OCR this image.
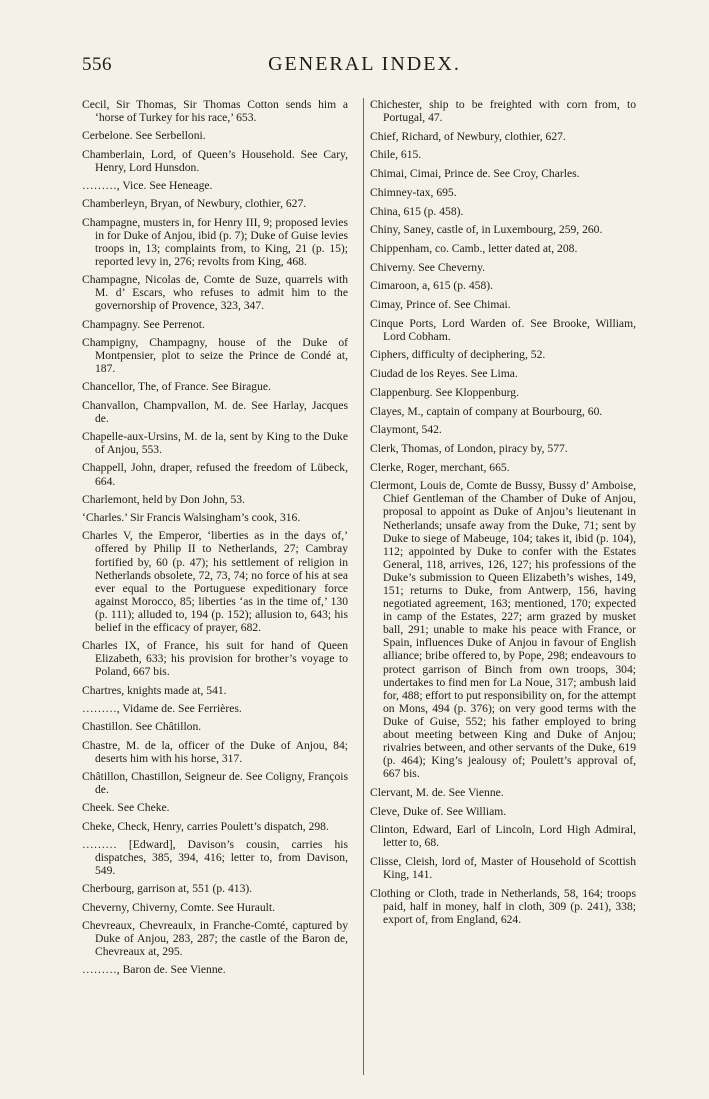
556	GENERAL INDEX.

Cecil, Sir Thomas, Sir Thomas Cotton sends him a ‘horse of Turkey for his race,’ 653.

Cerbelone. See Serbelloni.

Chamberlain, Lord, of Queen’s Household. See Cary, Henry, Lord Hunsdon.

………, Vice. See Heneage.

Chamberleyn, Bryan, of Newbury, clothier, 627.

Champagne, musters in, for Henry III, 9; proposed levies in for Duke of Anjou, ibid (p. 7); Duke of Guise levies troops in, 13; complaints from, to King, 21 (p. 15); reported levy in, 276; revolts from King, 468.

Champagne, Nicolas de, Comte de Suze, quarrels with M. d’ Escars, who refuses to admit him to the governorship of Provence, 323, 347.

Champagny. See Perrenot.

Champigny, Champagny, house of the Duke of Montpensier, plot to seize the Prince de Condé at, 187.

Chancellor, The, of France. See Birague.

Chanvallon, Champvallon, M. de. See Harlay, Jacques de.

Chapelle-aux-Ursins, M. de la, sent by King to the Duke of Anjou, 553.

Chappell, John, draper, refused the freedom of Lübeck, 664.

Charlemont, held by Don John, 53.

‘Charles.’ Sir Francis Walsingham’s cook, 316.

Charles V, the Emperor, ‘liberties as in the days of,’ offered by Philip II to Netherlands, 27; Cambray fortified by, 60 (p. 47); his settlement of religion in Netherlands obsolete, 72, 73, 74; no force of his at sea ever equal to the Portuguese expeditionary force against Morocco, 85; liberties ‘as in the time of,’ 130 (p. 111); alluded to, 194 (p. 152); allusion to, 643; his belief in the efficacy of prayer, 682.

Charles IX, of France, his suit for hand of Queen Elizabeth, 633; his provision for brother’s voyage to Poland, 667 bis.

Chartres, knights made at, 541.

………, Vidame de. See Ferrières.

Chastillon. See Châtillon.

Chastre, M. de la, officer of the Duke of Anjou, 84; deserts him with his horse, 317.

Châtillon, Chastillon, Seigneur de. See Coligny, François de.

Cheek. See Cheke.

Cheke, Check, Henry, carries Poulett’s dispatch, 298.

……… [Edward], Davison’s cousin, carries his dispatches, 385, 394, 416; letter to, from Davison, 549.

Cherbourg, garrison at, 551 (p. 413).

Cheverny, Chiverny, Comte. See Hurault.

Chevreaux, Chevreaulx, in Franche-Comté, captured by Duke of Anjou, 283, 287; the castle of the Baron de, Chevreaux at, 295.

………, Baron de. See Vienne.

Chichester, ship to be freighted with corn from, to Portugal, 47.

Chief, Richard, of Newbury, clothier, 627.

Chile, 615.

Chimai, Cimai, Prince de. See Croy, Charles.

Chimney-tax, 695.

China, 615 (p. 458).

Chiny, Saney, castle of, in Luxembourg, 259, 260.

Chippenham, co. Camb., letter dated at, 208.

Chiverny. See Cheverny.

Cimaroon, a, 615 (p. 458).

Cimay, Prince of. See Chimai.

Cinque Ports, Lord Warden of. See Brooke, William, Lord Cobham.

Ciphers, difficulty of deciphering, 52.

Ciudad de los Reyes. See Lima.

Clappenburg. See Kloppenburg.

Clayes, M., captain of company at Bourbourg, 60.

Claymont, 542.

Clerk, Thomas, of London, piracy by, 577.

Clerke, Roger, merchant, 665.

Clermont, Louis de, Comte de Bussy, Bussy d’ Amboise, Chief Gentleman of the Chamber of Duke of Anjou, proposal to appoint as Duke of Anjou’s lieutenant in Netherlands; unsafe away from the Duke, 71; sent by Duke to siege of Mabeuge, 104; takes it, ibid (p. 104), 112; appointed by Duke to confer with the Estates General, 118, arrives, 126, 127; his professions of the Duke’s submission to Queen Elizabeth’s wishes, 149, 151; returns to Duke, from Antwerp, 156, having negotiated agreement, 163; mentioned, 170; expected in camp of the Estates, 227; arm grazed by musket ball, 291; unable to make his peace with France, or Spain, influences Duke of Anjou in favour of English alliance; bribe offered to, by Pope, 298; endeavours to protect garrison of Binch from own troops, 304; undertakes to find men for La Noue, 317; ambush laid for, 488; effort to put responsibility on, for the attempt on Mons, 494 (p. 376); on very good terms with the Duke of Guise, 552; his father employed to bring about meeting between King and Duke of Anjou; rivalries between, and other servants of the Duke, 619 (p. 464); King’s jealousy of; Poulett’s approval of, 667 bis.

Clervant, M. de. See Vienne.

Cleve, Duke of. See William.

Clinton, Edward, Earl of Lincoln, Lord High Admiral, letter to, 68.

Clisse, Cleish, lord of, Master of Household of Scottish King, 141.

Clothing or Cloth, trade in Netherlands, 58, 164; troops paid, half in money, half in cloth, 309 (p. 241), 338; export of, from England, 624.
